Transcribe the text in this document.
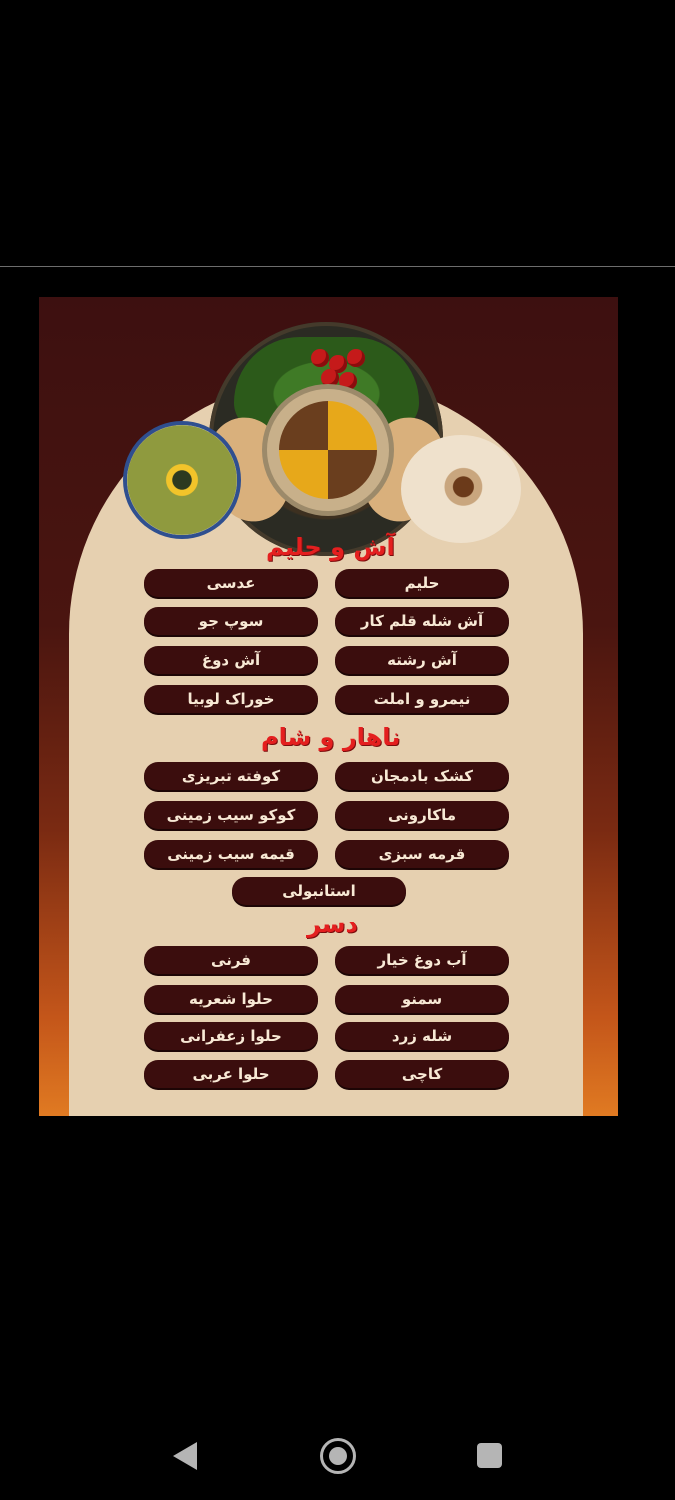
آش و حلیم
حلیم
عدسی
آش شله قلم کار
سوپ جو
آش رشته
آش دوغ
نیمرو و املت
خوراک لوبیا
ناهار و شام
کشک بادمجان
کوفته تبریزی
ماکارونی
کوکو سیب زمینی
قرمه سبزی
قیمه سیب زمینی
استانبولی
دسر
آب دوغ خیار
فرنی
سمنو
حلوا شعریه
شله زرد
حلوا زعفرانی
کاچی
حلوا عربی
